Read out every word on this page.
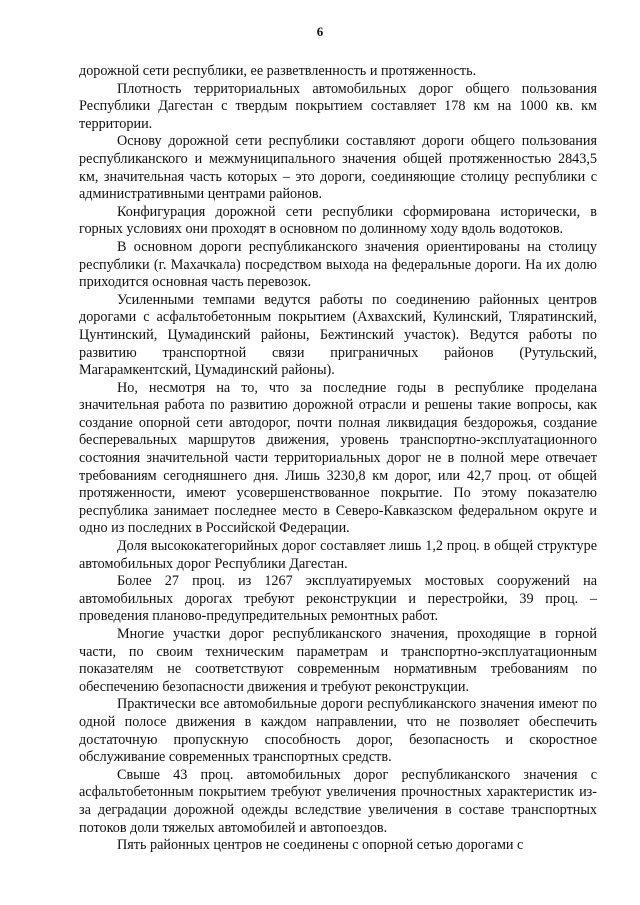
6

дорожной сети республики, ее разветвленность и протяженность.

Плотность территориальных автомобильных дорог общего пользования Республики Дагестан с твердым покрытием составляет 178 км на 1000 кв. км территории.

Основу дорожной сети республики составляют дороги общего пользования республиканского и межмуниципального значения общей протяженностью 2843,5 км, значительная часть которых – это дороги, соединяющие столицу республики с административными центрами районов.

Конфигурация дорожной сети республики сформирована исторически, в горных условиях они проходят в основном по долинному ходу вдоль водотоков.

В основном дороги республиканского значения ориентированы на столицу республики (г. Махачкала) посредством выхода на федеральные дороги. На их долю приходится основная часть перевозок.

Усиленными темпами ведутся работы по соединению районных центров дорогами с асфальтобетонным покрытием (Ахвахский, Кулинский, Тляратинский, Цунтинский, Цумадинский районы, Бежтинский участок). Ведутся работы по развитию транспортной связи приграничных районов (Рутульский, Магарамкентский, Цумадинский районы).

Но, несмотря на то, что за последние годы в республике проделана значительная работа по развитию дорожной отрасли и решены такие вопросы, как создание опорной сети автодорог, почти полная ликвидация бездорожья, создание бесперевальных маршрутов движения, уровень транспортно-эксплуатационного состояния значительной части территориальных дорог не в полной мере отвечает требованиям сегодняшнего дня. Лишь 3230,8 км дорог, или 42,7 проц. от общей протяженности, имеют усовершенствованное покрытие. По этому показателю республика занимает последнее место в Северо-Кавказском федеральном округе и одно из последних в Российской Федерации.

Доля высококатегорийных дорог составляет лишь 1,2 проц. в общей структуре автомобильных дорог Республики Дагестан.

Более 27 проц. из 1267 эксплуатируемых мостовых сооружений на автомобильных дорогах требуют реконструкции и перестройки, 39 проц. – проведения планово-предупредительных ремонтных работ.

Многие участки дорог республиканского значения, проходящие в горной части, по своим техническим параметрам и транспортно-эксплуатационным показателям не соответствуют современным нормативным требованиям по обеспечению безопасности движения и требуют реконструкции.

Практически все автомобильные дороги республиканского значения имеют по одной полосе движения в каждом направлении, что не позволяет обеспечить достаточную пропускную способность дорог, безопасность и скоростное обслуживание современных транспортных средств.

Свыше 43 проц. автомобильных дорог республиканского значения с асфальтобетонным покрытием требуют увеличения прочностных характеристик из-за деградации дорожной одежды вследствие увеличения в составе транспортных потоков доли тяжелых автомобилей и автопоездов.

Пять районных центров не соединены с опорной сетью дорогами с
